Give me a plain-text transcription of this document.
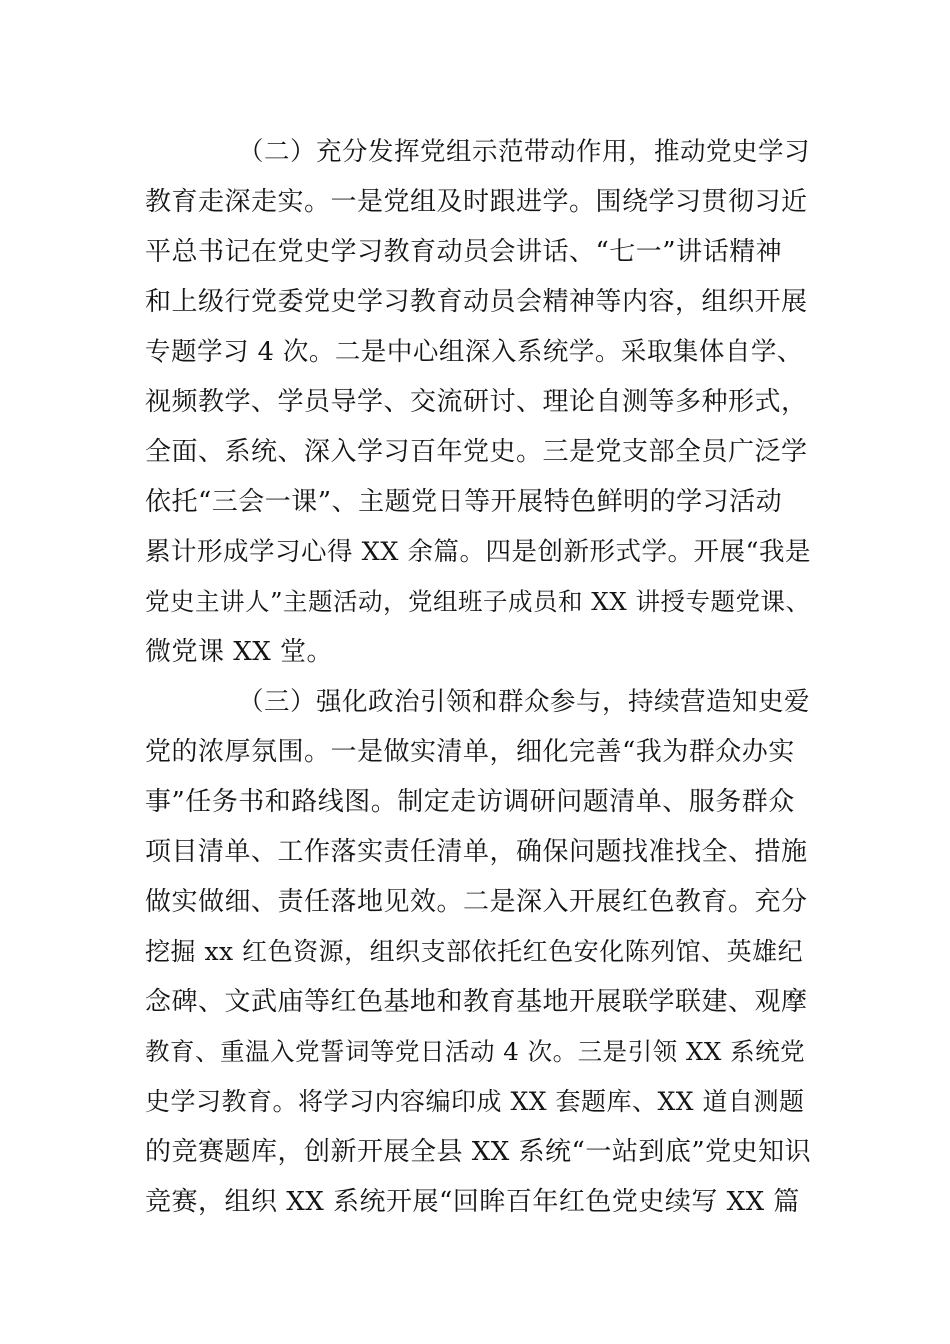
（二）充分发挥党组示范带动作用，推动党史学习
教育走深走实。一是党组及时跟进学。围绕学习贯彻习近
平总书记在党史学习教育动员会讲话、“七一”讲话精神
和上级行党委党史学习教育动员会精神等内容，组织开展
专题学习 4 次。二是中心组深入系统学。采取集体自学、
视频教学、学员导学、交流研讨、理论自测等多种形式，
全面、系统、深入学习百年党史。三是党支部全员广泛学
依托“三会一课”、主题党日等开展特色鲜明的学习活动
累计形成学习心得 XX 余篇。四是创新形式学。开展“我是
党史主讲人”主题活动，党组班子成员和 XX 讲授专题党课、
微党课 XX 堂。
（三）强化政治引领和群众参与，持续营造知史爱
党的浓厚氛围。一是做实清单，细化完善“我为群众办实
事”任务书和路线图。制定走访调研问题清单、服务群众
项目清单、工作落实责任清单，确保问题找准找全、措施
做实做细、责任落地见效。二是深入开展红色教育。充分
挖掘 xx 红色资源，组织支部依托红色安化陈列馆、英雄纪
念碑、文武庙等红色基地和教育基地开展联学联建、观摩
教育、重温入党誓词等党日活动 4 次。三是引领 XX 系统党
史学习教育。将学习内容编印成 XX 套题库、XX 道自测题
的竞赛题库，创新开展全县 XX 系统“一站到底”党史知识
竞赛，组织 XX 系统开展“回眸百年红色党史续写 XX 篇
